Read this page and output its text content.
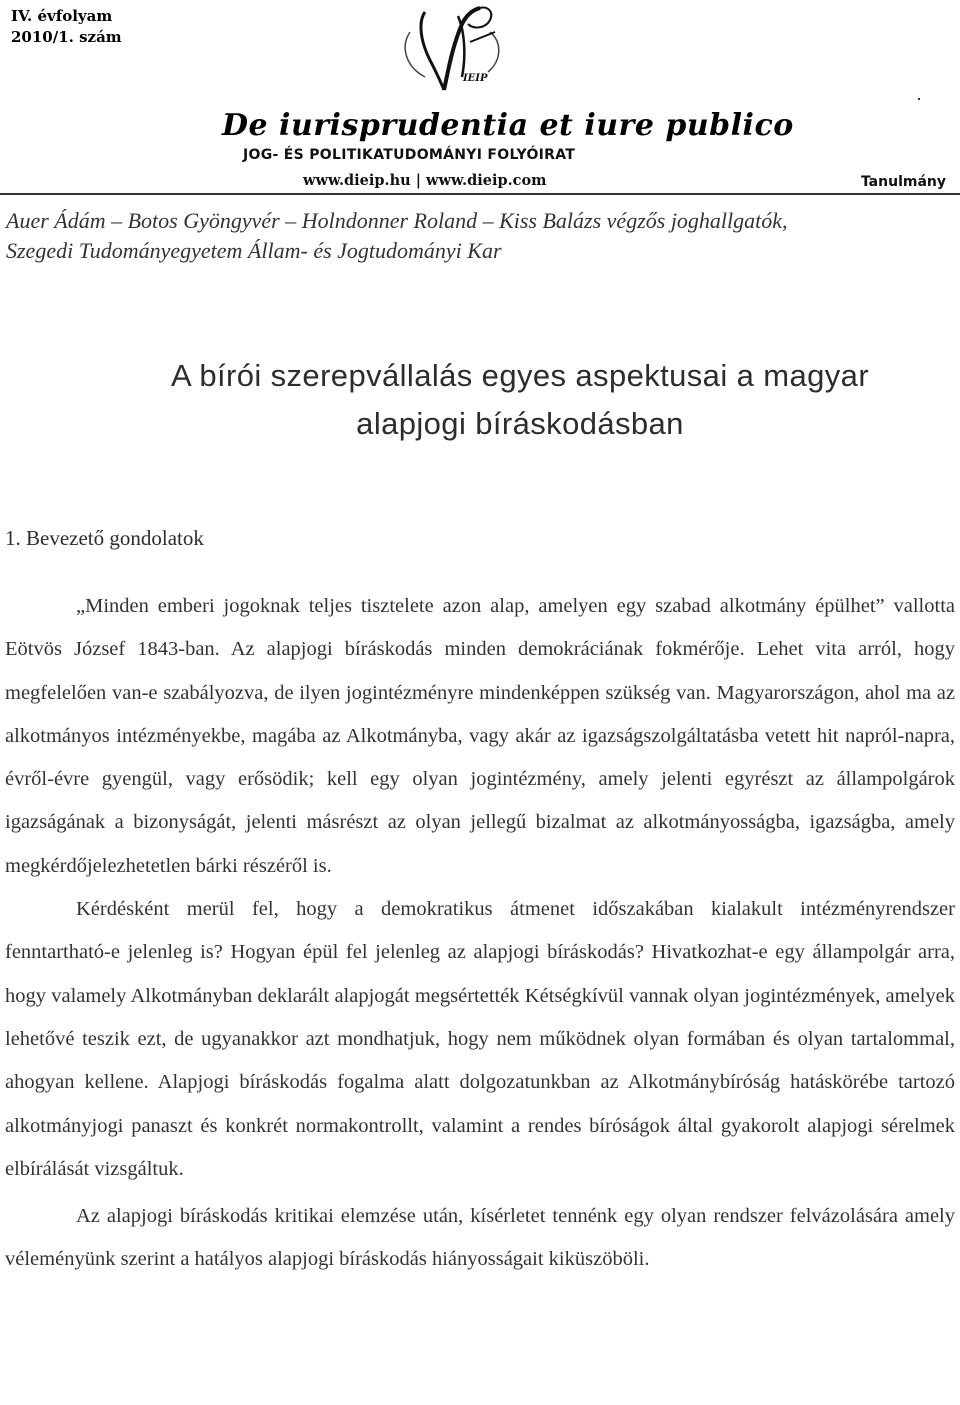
IV. évfolyam
2010/1. szám
IEIP
De iurisprudentia et iure publico
JOG- ÉS POLITIKATUDOMÁNYI FOLYÓIRAT
www.dieip.hu | www.dieip.com	Tanulmány
Auer Ádám – Botos Gyöngyvér – Holndonner Roland – Kiss Balázs végzős joghallgatók,
Szegedi Tudományegyetem Állam- és Jogtudományi Kar
A bírói szerepvállalás egyes aspektusai a magyar
alapjogi bíráskodásban
1. Bevezető gondolatok

„Minden emberi jogoknak teljes tisztelete azon alap, amelyen egy szabad alkotmány épülhet” vallotta Eötvös József 1843-ban. Az alapjogi bíráskodás minden demokráciának fokmérője. Lehet vita arról, hogy megfelelően van-e szabályozva, de ilyen jogintézményre mindenképpen szükség van. Magyarországon, ahol ma az alkotmányos intézményekbe, magába az Alkotmányba, vagy akár az igazságszolgáltatásba vetett hit napról-napra, évről-évre gyengül, vagy erősödik; kell egy olyan jogintézmény, amely jelenti egyrészt az állampolgárok igazságának a bizonyságát, jelenti másrészt az olyan jellegű bizalmat az alkotmányosságba, igazságba, amely megkérdőjelezhetetlen bárki részéről is.

Kérdésként merül fel, hogy a demokratikus átmenet időszakában kialakult intézményrendszer fenntartható-e jelenleg is? Hogyan épül fel jelenleg az alapjogi bíráskodás? Hivatkozhat-e egy állampolgár arra, hogy valamely Alkotmányban deklarált alapjogát megsértették Kétségkívül vannak olyan jogintézmények, amelyek lehetővé teszik ezt, de ugyanakkor azt mondhatjuk, hogy nem működnek olyan formában és olyan tartalommal, ahogyan kellene. Alapjogi bíráskodás fogalma alatt dolgozatunkban az Alkotmánybíróság hatáskörébe tartozó alkotmányjogi panaszt és konkrét normakontrollt, valamint a rendes bíróságok által gyakorolt alapjogi sérelmek elbírálását vizsgáltuk.

Az alapjogi bíráskodás kritikai elemzése után, kísérletet tennénk egy olyan rendszer felvázolására amely véleményünk szerint a hatályos alapjogi bíráskodás hiányosságait kiküszöböli.
